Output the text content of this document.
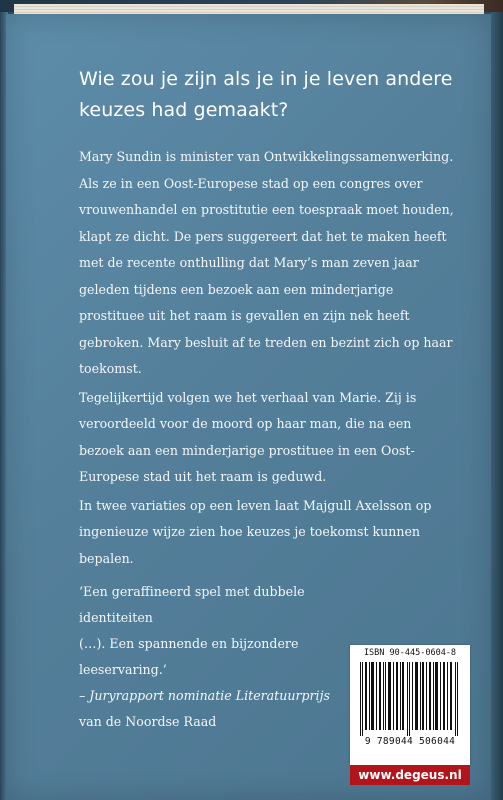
Wie zou je zijn als je in je leven andere
keuzes had gemaakt?

Mary Sundin is minister van Ontwikkelingssamenwerking. Als ze in een Oost-Europese stad op een congres over vrouwenhandel en prostitutie een toespraak moet houden, klapt ze dicht. De pers suggereert dat het te maken heeft met de recente onthulling dat Mary’s man zeven jaar geleden tijdens een bezoek aan een minderjarige prostituee uit het raam is gevallen en zijn nek heeft gebroken. Mary besluit af te treden en bezint zich op haar toekomst.

Tegelijkertijd volgen we het verhaal van Marie. Zij is veroordeeld voor de moord op haar man, die na een bezoek aan een minderjarige prostituee in een Oost-Europese stad uit het raam is geduwd.

In twee variaties op een leven laat Majgull Axelsson op ingenieuze wijze zien hoe keuzes je toekomst kunnen bepalen.

‘Een geraffineerd spel met dubbele identiteiten

(…). Een spannende en bijzondere leeservaring.’

– Juryrapport nominatie Literatuurprijs

van de Noordse Raad

ISBN 90-445-0604-8
9 789044 506044
www.degeus.nl
